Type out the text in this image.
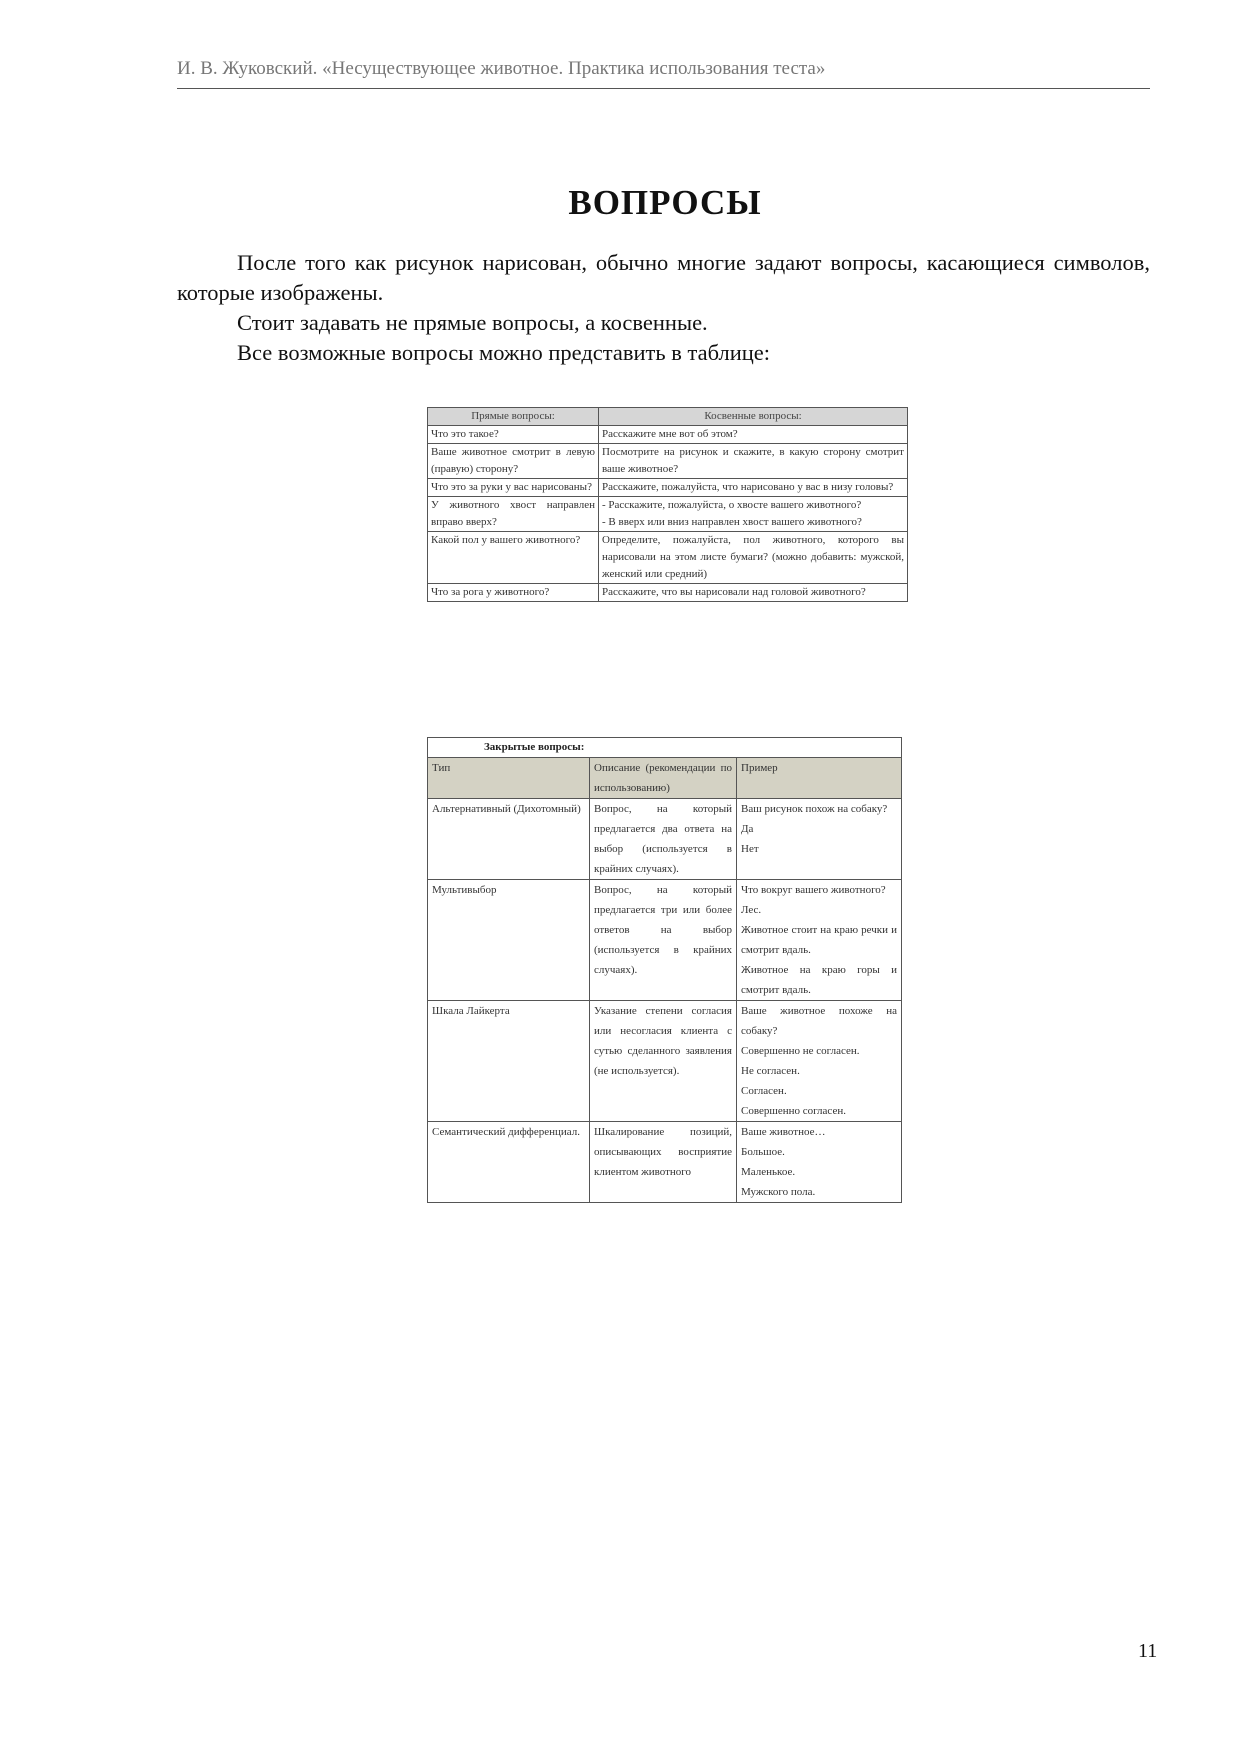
И. В. Жуковский. «Несуществующее животное. Практика использования теста»
ВОПРОСЫ

После того как рисунок нарисован, обычно многие задают вопросы, касающиеся символов, которые изображены.

Стоит задавать не прямые вопросы, а косвенные.

Все возможные вопросы можно представить в таблице:

Прямые вопросы:	Косвенные вопросы:
Что это такое?	Расскажите мне вот об этом?
Ваше животное смотрит в левую (правую) сторону?	Посмотрите на рисунок и скажите, в какую сторону смотрит ваше животное?
Что это за руки у вас нарисованы?	Расскажите, пожалуйста, что нарисовано у вас в низу головы?
У животного хвост направлен вправо вверх?	- Расскажите, пожалуйста, о хвосте вашего животного?
- В вверх или вниз направлен хвост вашего животного?
Какой пол у вашего животного?	Определите, пожалуйста, пол животного, которого вы нарисовали на этом листе бумаги? (можно добавить: мужской, женский или средний)
Что за рога у животного?	Расскажите, что вы нарисовали над головой животного?
Закрытые вопросы:		
Тип	Описание (рекомендации по использованию)	Пример
Альтернативный (Дихотомный)	Вопрос, на который предлагается два ответа на выбор (используется в крайних случаях).	Ваш рисунок похож на собаку?
Да
Нет
Мультивыбор	Вопрос, на который предлагается три или более ответов на выбор (используется в крайних случаях).	Что вокруг вашего животного?
Лес.
Животное стоит на краю речки и смотрит вдаль.
Животное на краю горы и смотрит вдаль.
Шкала Лайкерта	Указание степени согласия или несогласия клиента с сутью сделанного заявления (не используется).	Ваше животное похоже на собаку?
Совершенно не согласен.
Не согласен.
Согласен.
Совершенно согласен.
Семантический дифференциал.	Шкалирование позиций, описывающих восприятие клиентом животного	Ваше животное…
Большое.
Маленькое.
Мужского пола.
11
